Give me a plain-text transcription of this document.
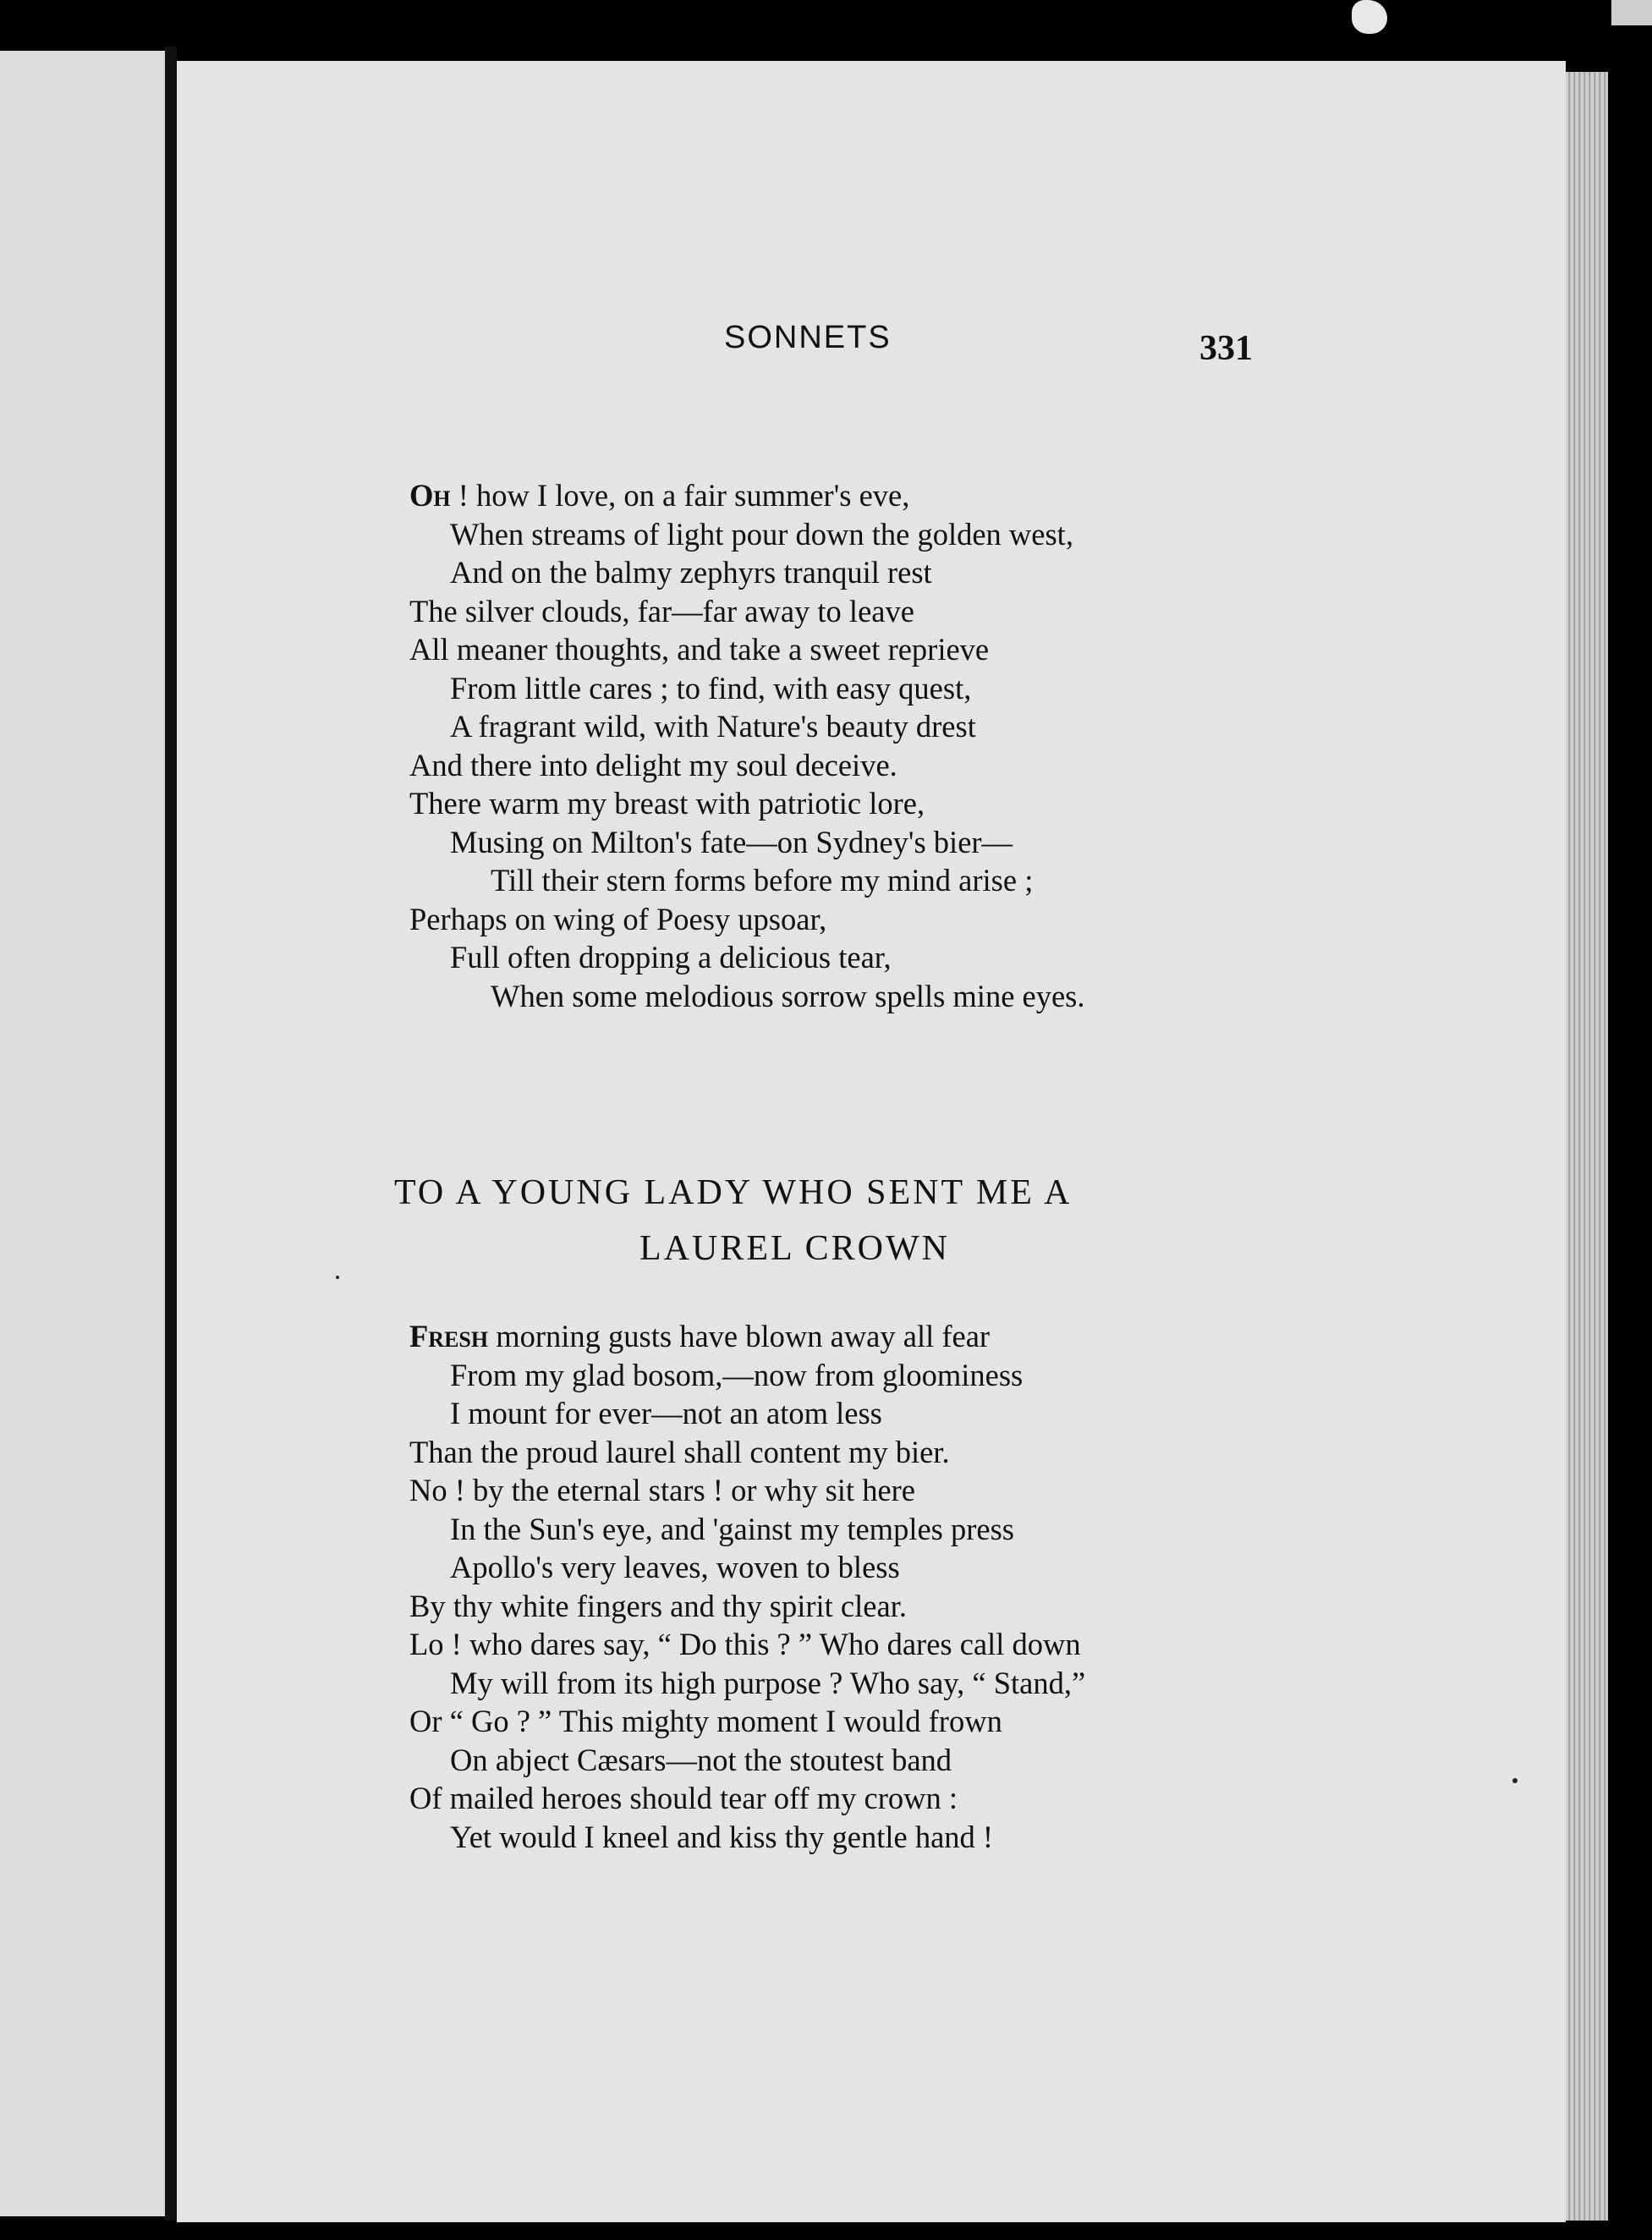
SONNETS	331
Oh ! how I love, on a fair summer's eve,
When streams of light pour down the golden west,
And on the balmy zephyrs tranquil rest
The silver clouds, far—far away to leave
All meaner thoughts, and take a sweet reprieve
From little cares ; to find, with easy quest,
A fragrant wild, with Nature's beauty drest
And there into delight my soul deceive.
There warm my breast with patriotic lore,
Musing on Milton's fate—on Sydney's bier—
Till their stern forms before my mind arise ;
Perhaps on wing of Poesy upsoar,
Full often dropping a delicious tear,
When some melodious sorrow spells mine eyes.
TO A YOUNG LADY WHO SENT ME A
LAUREL CROWN
Fresh morning gusts have blown away all fear
From my glad bosom,—now from gloominess
I mount for ever—not an atom less
Than the proud laurel shall content my bier.
No ! by the eternal stars ! or why sit here
In the Sun's eye, and 'gainst my temples press
Apollo's very leaves, woven to bless
By thy white fingers and thy spirit clear.
Lo ! who dares say, “ Do this ? ” Who dares call down
My will from its high purpose ? Who say, “ Stand,”
Or “ Go ? ” This mighty moment I would frown
On abject Cæsars—not the stoutest band
Of mailed heroes should tear off my crown :
Yet would I kneel and kiss thy gentle hand !
